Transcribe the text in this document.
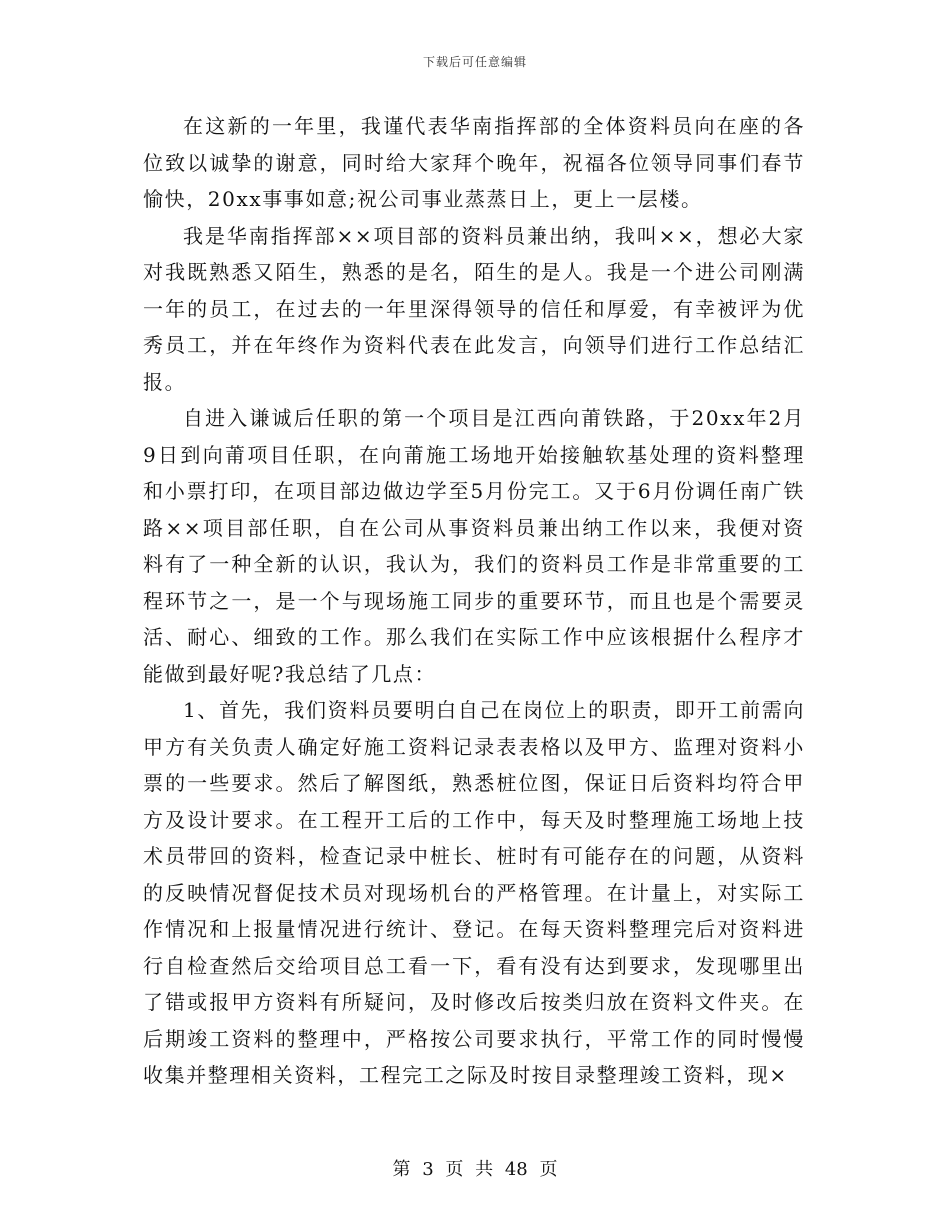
下载后可任意编辑

在这新的一年里，我谨代表华南指挥部的全体资料员向在座的各位致以诚挚的谢意，同时给大家拜个晚年，祝福各位领导同事们春节愉快，20xx事事如意;祝公司事业蒸蒸日上，更上一层楼。

我是华南指挥部××项目部的资料员兼出纳，我叫××，想必大家对我既熟悉又陌生，熟悉的是名，陌生的是人。我是一个进公司刚满一年的员工，在过去的一年里深得领导的信任和厚爱，有幸被评为优秀员工，并在年终作为资料代表在此发言，向领导们进行工作总结汇报。

自进入谦诚后任职的第一个项目是江西向莆铁路，于20xx年2月9日到向莆项目任职，在向莆施工场地开始接触软基处理的资料整理和小票打印，在项目部边做边学至5月份完工。又于6月份调任南广铁路××项目部任职，自在公司从事资料员兼出纳工作以来，我便对资料有了一种全新的认识，我认为，我们的资料员工作是非常重要的工程环节之一，是一个与现场施工同步的重要环节，而且也是个需要灵活、耐心、细致的工作。那么我们在实际工作中应该根据什么程序才能做到最好呢?我总结了几点：

1、首先，我们资料员要明白自己在岗位上的职责，即开工前需向甲方有关负责人确定好施工资料记录表表格以及甲方、监理对资料小票的一些要求。然后了解图纸，熟悉桩位图，保证日后资料均符合甲方及设计要求。在工程开工后的工作中，每天及时整理施工场地上技术员带回的资料，检查记录中桩长、桩时有可能存在的问题，从资料的反映情况督促技术员对现场机台的严格管理。在计量上，对实际工作情况和上报量情况进行统计、登记。在每天资料整理完后对资料进行自检查然后交给项目总工看一下，看有没有达到要求，发现哪里出了错或报甲方资料有所疑问，及时修改后按类归放在资料文件夹。在后期竣工资料的整理中，严格按公司要求执行，平常工作的同时慢慢收集并整理相关资料，工程完工之际及时按目录整理竣工资料，现×

第 3 页 共 48 页
